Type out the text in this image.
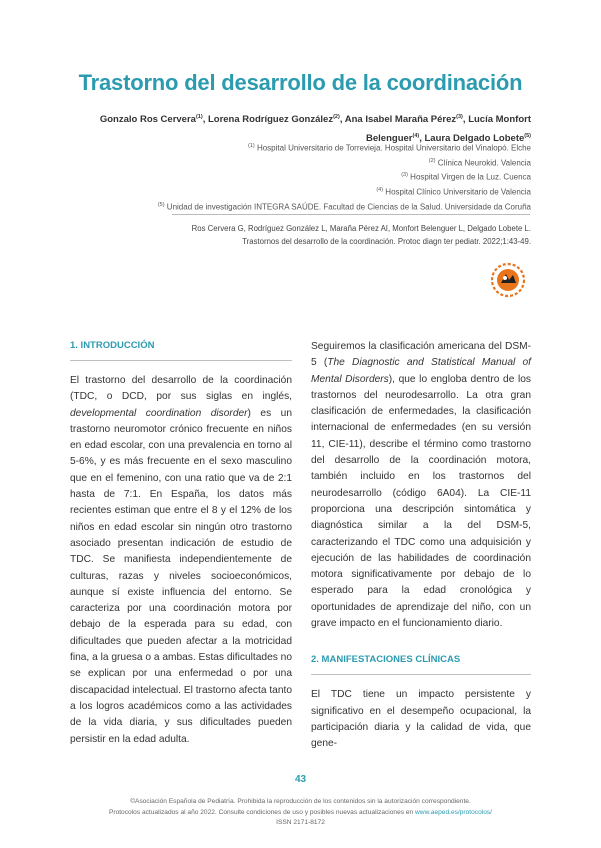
Trastorno del desarrollo de la coordinación
Gonzalo Ros Cervera$^{(1)}$, Lorena Rodríguez González$^{(2)}$, Ana Isabel Maraña Pérez$^{(3)}$, Lucía Monfort Belenguer$^{(4)}$, Laura Delgado Lobete$^{(5)}$
$^{(1)}$ Hospital Universitario de Torrevieja. Hospital Universitario del Vinalopó. Elche
$^{(2)}$ Clínica Neurokid. Valencia
$^{(3)}$ Hospital Virgen de la Luz. Cuenca
$^{(4)}$ Hospital Clínico Universitario de Valencia
$^{(5)}$ Unidad de investigación INTEGRA SAÚDE. Facultad de Ciencias de la Salud. Universidade da Coruña
Ros Cervera G, Rodríguez González L, Maraña Pérez AI, Monfort Belenguer L, Delgado Lobete L.
Trastornos del desarrollo de la coordinación. Protoc diagn ter pediatr. 2022;1:43-49.
1. INTRODUCCIÓN

El trastorno del desarrollo de la coordinación (TDC, o DCD, por sus siglas en inglés, developmental coordination disorder) es un trastorno neuromotor crónico frecuente en niños en edad escolar, con una prevalencia en torno al 5-6%, y es más frecuente en el sexo masculino que en el femenino, con una ratio que va de 2:1 hasta de 7:1. En España, los datos más recientes estiman que entre el 8 y el 12% de los niños en edad escolar sin ningún otro trastorno asociado presentan indicación de estudio de TDC. Se manifiesta independientemente de culturas, razas y niveles socioeconómicos, aunque sí existe influencia del entorno. Se caracteriza por una coordinación motora por debajo de la esperada para su edad, con dificultades que pueden afectar a la motricidad fina, a la gruesa o a ambas. Estas dificultades no se explican por una enfermedad o por una discapacidad intelectual. El trastorno afecta tanto a los logros académicos como a las actividades de la vida diaria, y sus dificultades pueden persistir en la edad adulta.

Seguiremos la clasificación americana del DSM-5 (The Diagnostic and Statistical Manual of Mental Disorders), que lo engloba dentro de los trastornos del neurodesarrollo. La otra gran clasificación de enfermedades, la clasificación internacional de enfermedades (en su versión 11, CIE-11), describe el término como trastorno del desarrollo de la coordinación motora, también incluido en los trastornos del neurodesarrollo (código 6A04). La CIE-11 proporciona una descripción sintomática y diagnóstica similar a la del DSM-5, caracterizando el TDC como una adquisición y ejecución de las habilidades de coordinación motora significativamente por debajo de lo esperado para la edad cronológica y oportunidades de aprendizaje del niño, con un grave impacto en el funcionamiento diario.

2. MANIFESTACIONES CLÍNICAS

El TDC tiene un impacto persistente y significativo en el desempeño ocupacional, la participación diaria y la calidad de vida, que gene-

43
©Asociación Española de Pediatría. Prohibida la reproducción de los contenidos sin la autorización correspondiente.
Protocolos actualizados al año 2022. Consulte condiciones de uso y posibles nuevas actualizaciones en www.aeped.es/protocolos/
ISSN 2171-8172
